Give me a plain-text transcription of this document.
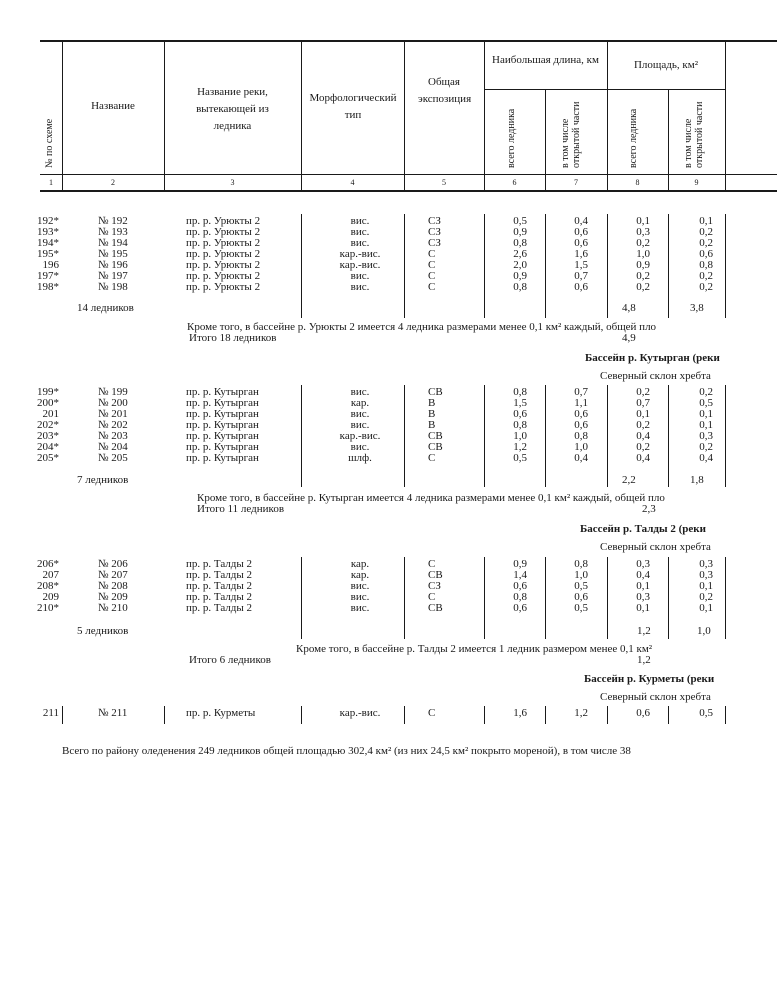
№ по схеме
Название
Название реки, вытекающей из ледника
Морфологический тип
Общая экспозиция
Наибольшая длина, км	Площадь, км²
всего ледника	в том числе открытой части	всего ледника	в том числе открытой части
1	2	3	4	5	6	7	8	9
192*	№ 192	пр. р. Урюкты 2	вис.	СЗ	0,5	0,4	0,1	0,1
193*	№ 193	пр. р. Урюкты 2	вис.	СЗ	0,9	0,6	0,3	0,2
194*	№ 194	пр. р. Урюкты 2	вис.	СЗ	0,8	0,6	0,2	0,2
195*	№ 195	пр. р. Урюкты 2	кар.-вис.	С	2,6	1,6	1,0	0,6
196	№ 196	пр. р. Урюкты 2	кар.-вис.	С	2,0	1,5	0,9	0,8
197*	№ 197	пр. р. Урюкты 2	вис.	С	0,9	0,7	0,2	0,2
198*	№ 198	пр. р. Урюкты 2	вис.	С	0,8	0,6	0,2	0,2
14 ледников	4,8	3,8
Кроме того, в бассейне р. Урюкты 2 имеется 4 ледника размерами менее 0,1 км² каждый, общей пло
Итого 18 ледников	4,9
Бассейн р. Кутырган (реки
Северный склон хребта
199*	№ 199	пр. р. Кутырган	вис.	СВ	0,8	0,7	0,2	0,2
200*	№ 200	пр. р. Кутырган	кар.	В	1,5	1,1	0,7	0,5
201	№ 201	пр. р. Кутырган	вис.	В	0,6	0,6	0,1	0,1
202*	№ 202	пр. р. Кутырган	вис.	В	0,8	0,6	0,2	0,1
203*	№ 203	пр. р. Кутырган	кар.-вис.	СВ	1,0	0,8	0,4	0,3
204*	№ 204	пр. р. Кутырган	вис.	СВ	1,2	1,0	0,2	0,2
205*	№ 205	пр. р. Кутырган	шлф.	С	0,5	0,4	0,4	0,4
7 ледников	2,2	1,8
Кроме того, в бассейне р. Кутырган имеется 4 ледника размерами менее 0,1 км² каждый, общей пло
Итого 11 ледников	2,3
Бассейн р. Талды 2 (реки
Северный склон хребта
206*	№ 206	пр. р. Талды 2	кар.	С	0,9	0,8	0,3	0,3
207	№ 207	пр. р. Талды 2	кар.	СВ	1,4	1,0	0,4	0,3
208*	№ 208	пр. р. Талды 2	вис.	СЗ	0,6	0,5	0,1	0,1
209	№ 209	пр. р. Талды 2	вис.	С	0,8	0,6	0,3	0,2
210*	№ 210	пр. р. Талды 2	вис.	СВ	0,6	0,5	0,1	0,1
5 ледников	1,2	1,0
Кроме того, в бассейне р. Талды 2 имеется 1 ледник размером менее 0,1 км²
Итого 6 ледников	1,2
Бассейн р. Курметы (реки
Северный склон хребта
211	№ 211	пр. р. Курметы	кар.-вис.	С	1,6	1,2	0,6	0,5
Всего по району оледенения 249 ледников общей площадью 302,4 км² (из них 24,5 км² покрыто мореной), в том числе 38
